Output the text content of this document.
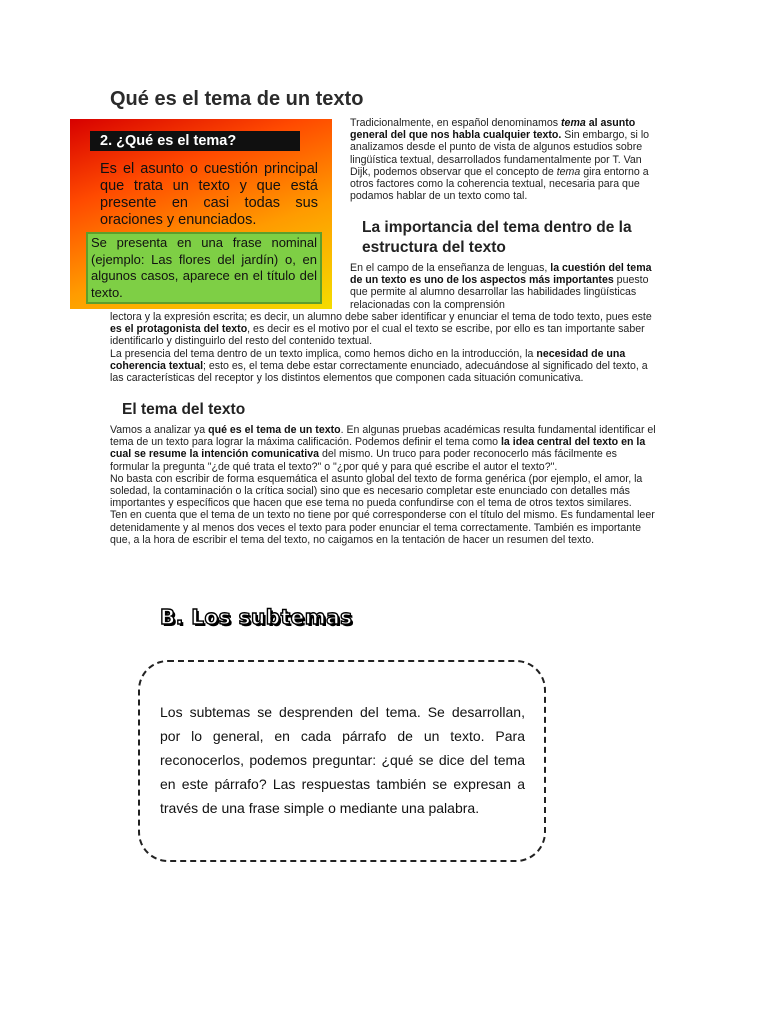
Qué es el tema de un texto
2. ¿Qué es el tema?
Es el asunto o cuestión principal que trata un texto y que está presente en casi todas sus oraciones y enunciados.
Se presenta en una frase nominal (ejemplo: Las flores del jardín) o, en algunos casos, aparece en el título del texto.

Tradicionalmente, en español denominamos tema al asunto general del que nos habla cualquier texto. Sin embargo, si lo analizamos desde el punto de vista de algunos estudios sobre lingüística textual, desarrollados fundamentalmente por T. Van Dijk, podemos observar que el concepto de tema gira entorno a otros factores como la coherencia textual, necesaria para que podamos hablar de un texto como tal.

La importancia del tema dentro de la estructura del texto

En el campo de la enseñanza de lenguas, la cuestión del tema de un texto es uno de los aspectos más importantes puesto que permite al alumno desarrollar las habilidades lingüísticas relacionadas con la comprensión

lectora y la expresión escrita; es decir, un alumno debe saber identificar y enunciar el tema de todo texto, pues este es el protagonista del texto, es decir es el motivo por el cual el texto se escribe, por ello es tan importante saber identificarlo y distinguirlo del resto del contenido textual.

La presencia del tema dentro de un texto implica, como hemos dicho en la introducción, la necesidad de una coherencia textual; esto es, el tema debe estar correctamente enunciado, adecuándose al significado del texto, a las características del receptor y los distintos elementos que componen cada situación comunicativa.

El tema del texto

Vamos a analizar ya qué es el tema de un texto. En algunas pruebas académicas resulta fundamental identificar el tema de un texto para lograr la máxima calificación. Podemos definir el tema como la idea central del texto en la cual se resume la intención comunicativa del mismo. Un truco para poder reconocerlo más fácilmente es formular la pregunta "¿de qué trata el texto?" o "¿por qué y para qué escribe el autor el texto?".

No basta con escribir de forma esquemática el asunto global del texto de forma genérica (por ejemplo, el amor, la soledad, la contaminación o la crítica social) sino que es necesario completar este enunciado con detalles más importantes y específicos que hacen que ese tema no pueda confundirse con el tema de otros textos similares.

Ten en cuenta que el tema de un texto no tiene por qué corresponderse con el título del mismo. Es fundamental leer detenidamente y al menos dos veces el texto para poder enunciar el tema correctamente. También es importante que, a la hora de escribir el tema del texto, no caigamos en la tentación de hacer un resumen del texto.

B. Los subtemas
Los subtemas se desprenden del tema. Se desarrollan, por lo general, en cada párrafo de un texto. Para reconocerlos, podemos preguntar: ¿qué se dice del tema en este párrafo? Las respuestas también se expresan a través de una frase simple o mediante una palabra.
